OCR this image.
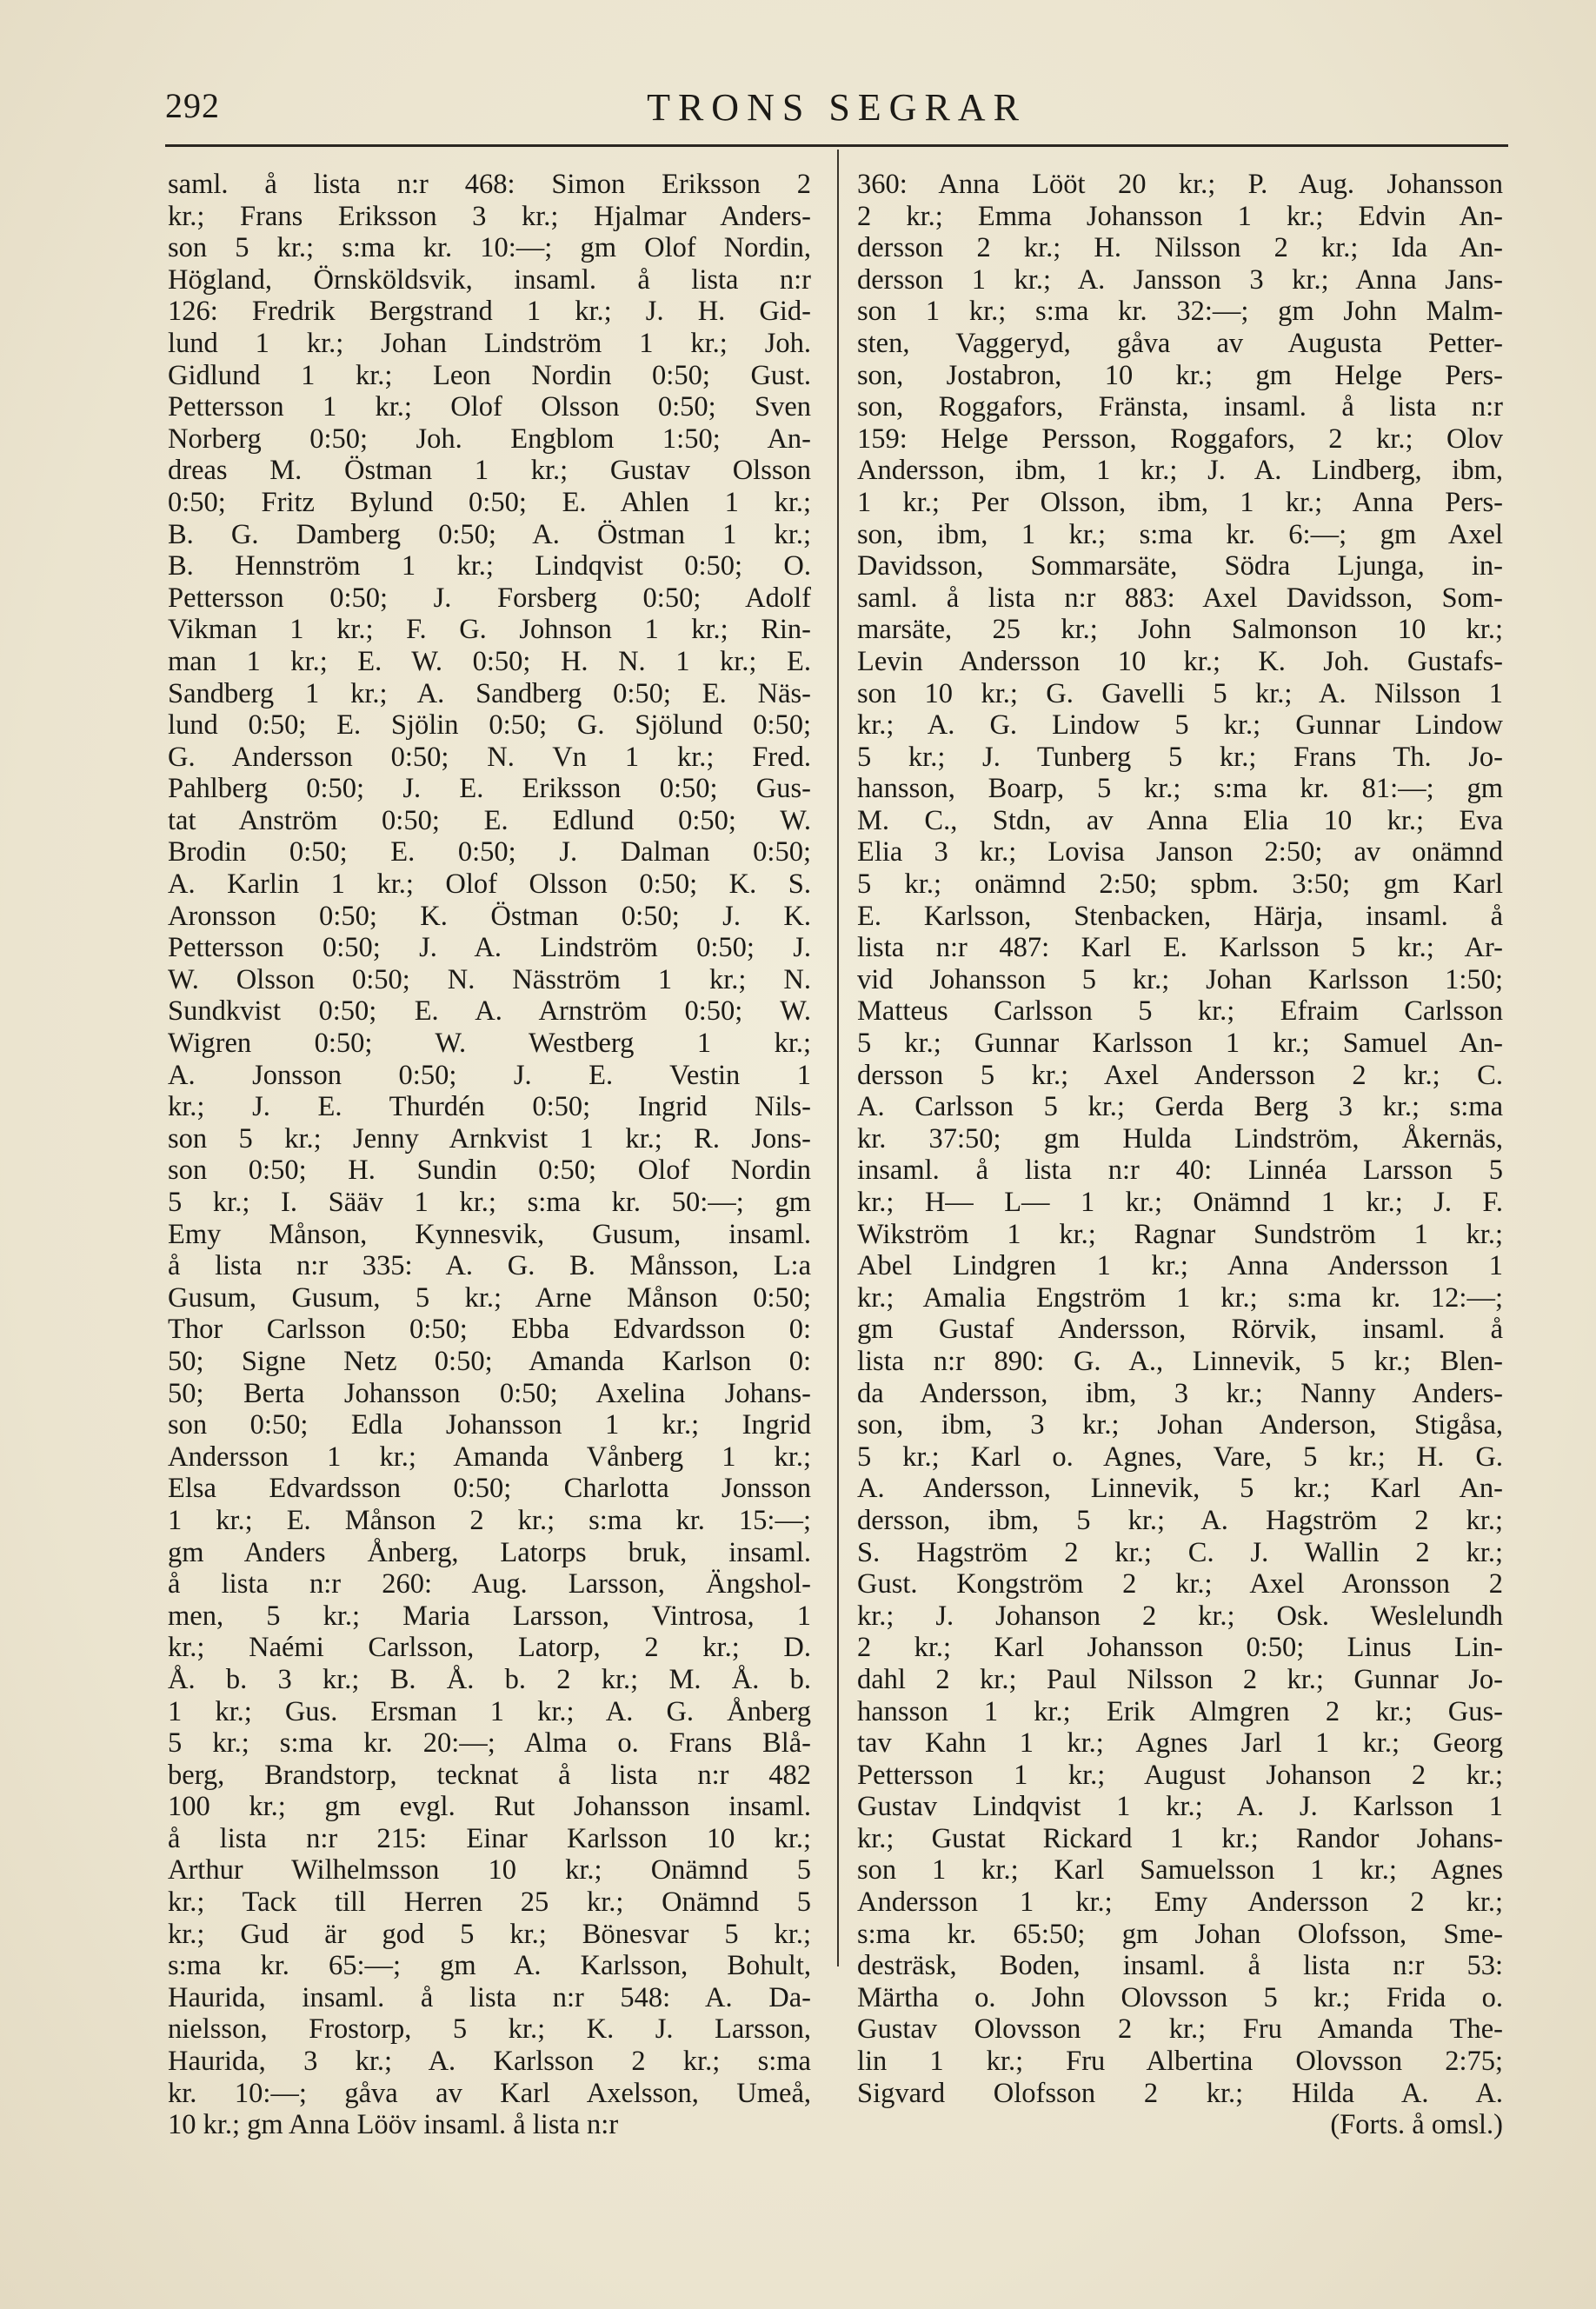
292	TRONS SEGRAR
saml. å lista n:r 468: Simon Eriksson 2
kr.; Frans Eriksson 3 kr.; Hjalmar Anders-
son 5 kr.; s:ma kr. 10:—; gm Olof Nordin,
Högland, Örnsköldsvik, insaml. å lista n:r
126: Fredrik Bergstrand 1 kr.; J. H. Gid-
lund 1 kr.; Johan Lindström 1 kr.; Joh.
Gidlund 1 kr.; Leon Nordin 0:50; Gust.
Pettersson 1 kr.; Olof Olsson 0:50; Sven
Norberg 0:50; Joh. Engblom 1:50; An-
dreas M. Östman 1 kr.; Gustav Olsson
0:50; Fritz Bylund 0:50; E. Ahlen 1 kr.;
B. G. Damberg 0:50; A. Östman 1 kr.;
B. Hennström 1 kr.; Lindqvist 0:50; O.
Pettersson 0:50; J. Forsberg 0:50; Adolf
Vikman 1 kr.; F. G. Johnson 1 kr.; Rin-
man 1 kr.; E. W. 0:50; H. N. 1 kr.; E.
Sandberg 1 kr.; A. Sandberg 0:50; E. Näs-
lund 0:50; E. Sjölin 0:50; G. Sjölund 0:50;
G. Andersson 0:50; N. Vn 1 kr.; Fred.
Pahlberg 0:50; J. E. Eriksson 0:50; Gus-
tat Anström 0:50; E. Edlund 0:50; W.
Brodin 0:50; E. 0:50; J. Dalman 0:50;
A. Karlin 1 kr.; Olof Olsson 0:50; K. S.
Aronsson 0:50; K. Östman 0:50; J. K.
Pettersson 0:50; J. A. Lindström 0:50; J.
W. Olsson 0:50; N. Näsström 1 kr.; N.
Sundkvist 0:50; E. A. Arnström 0:50; W.
Wigren 0:50; W. Westberg 1 kr.;
A. Jonsson 0:50; J. E. Vestin 1
kr.; J. E. Thurdén 0:50; Ingrid Nils-
son 5 kr.; Jenny Arnkvist 1 kr.; R. Jons-
son 0:50; H. Sundin 0:50; Olof Nordin
5 kr.; I. Sääv 1 kr.; s:ma kr. 50:—; gm
Emy Månson, Kynnesvik, Gusum, insaml.
å lista n:r 335: A. G. B. Månsson, L:a
Gusum, Gusum, 5 kr.; Arne Månson 0:50;
Thor Carlsson 0:50; Ebba Edvardsson 0:
50; Signe Netz 0:50; Amanda Karlson 0:
50; Berta Johansson 0:50; Axelina Johans-
son 0:50; Edla Johansson 1 kr.; Ingrid
Andersson 1 kr.; Amanda Vånberg 1 kr.;
Elsa Edvardsson 0:50; Charlotta Jonsson
1 kr.; E. Månson 2 kr.; s:ma kr. 15:—;
gm Anders Ånberg, Latorps bruk, insaml.
å lista n:r 260: Aug. Larsson, Ängshol-
men, 5 kr.; Maria Larsson, Vintrosa, 1
kr.; Naémi Carlsson, Latorp, 2 kr.; D.
Å. b. 3 kr.; B. Å. b. 2 kr.; M. Å. b.
1 kr.; Gus. Ersman 1 kr.; A. G. Ånberg
5 kr.; s:ma kr. 20:—; Alma o. Frans Blå-
berg, Brandstorp, tecknat å lista n:r 482
100 kr.; gm evgl. Rut Johansson insaml.
å lista n:r 215: Einar Karlsson 10 kr.;
Arthur Wilhelmsson 10 kr.; Onämnd 5
kr.; Tack till Herren 25 kr.; Onämnd 5
kr.; Gud är god 5 kr.; Bönesvar 5 kr.;
s:ma kr. 65:—; gm A. Karlsson, Bohult,
Haurida, insaml. å lista n:r 548: A. Da-
nielsson, Frostorp, 5 kr.; K. J. Larsson,
Haurida, 3 kr.; A. Karlsson 2 kr.; s:ma
kr. 10:—; gåva av Karl Axelsson, Umeå,
10 kr.; gm Anna Lööv insaml. å lista n:r
360: Anna Lööt 20 kr.; P. Aug. Johansson
2 kr.; Emma Johansson 1 kr.; Edvin An-
dersson 2 kr.; H. Nilsson 2 kr.; Ida An-
dersson 1 kr.; A. Jansson 3 kr.; Anna Jans-
son 1 kr.; s:ma kr. 32:—; gm John Malm-
sten, Vaggeryd, gåva av Augusta Petter-
son, Jostabron, 10 kr.; gm Helge Pers-
son, Roggafors, Fränsta, insaml. å lista n:r
159: Helge Persson, Roggafors, 2 kr.; Olov
Andersson, ibm, 1 kr.; J. A. Lindberg, ibm,
1 kr.; Per Olsson, ibm, 1 kr.; Anna Pers-
son, ibm, 1 kr.; s:ma kr. 6:—; gm Axel
Davidsson, Sommarsäte, Södra Ljunga, in-
saml. å lista n:r 883: Axel Davidsson, Som-
marsäte, 25 kr.; John Salmonson 10 kr.;
Levin Andersson 10 kr.; K. Joh. Gustafs-
son 10 kr.; G. Gavelli 5 kr.; A. Nilsson 1
kr.; A. G. Lindow 5 kr.; Gunnar Lindow
5 kr.; J. Tunberg 5 kr.; Frans Th. Jo-
hansson, Boarp, 5 kr.; s:ma kr. 81:—; gm
M. C., Stdn, av Anna Elia 10 kr.; Eva
Elia 3 kr.; Lovisa Janson 2:50; av onämnd
5 kr.; onämnd 2:50; spbm. 3:50; gm Karl
E. Karlsson, Stenbacken, Härja, insaml. å
lista n:r 487: Karl E. Karlsson 5 kr.; Ar-
vid Johansson 5 kr.; Johan Karlsson 1:50;
Matteus Carlsson 5 kr.; Efraim Carlsson
5 kr.; Gunnar Karlsson 1 kr.; Samuel An-
dersson 5 kr.; Axel Andersson 2 kr.; C.
A. Carlsson 5 kr.; Gerda Berg 3 kr.; s:ma
kr. 37:50; gm Hulda Lindström, Åkernäs,
insaml. å lista n:r 40: Linnéa Larsson 5
kr.; H— L— 1 kr.; Onämnd 1 kr.; J. F.
Wikström 1 kr.; Ragnar Sundström 1 kr.;
Abel Lindgren 1 kr.; Anna Andersson 1
kr.; Amalia Engström 1 kr.; s:ma kr. 12:—;
gm Gustaf Andersson, Rörvik, insaml. å
lista n:r 890: G. A., Linnevik, 5 kr.; Blen-
da Andersson, ibm, 3 kr.; Nanny Anders-
son, ibm, 3 kr.; Johan Anderson, Stigåsa,
5 kr.; Karl o. Agnes, Vare, 5 kr.; H. G.
A. Andersson, Linnevik, 5 kr.; Karl An-
dersson, ibm, 5 kr.; A. Hagström 2 kr.;
S. Hagström 2 kr.; C. J. Wallin 2 kr.;
Gust. Kongström 2 kr.; Axel Aronsson 2
kr.; J. Johanson 2 kr.; Osk. Weslelundh
2 kr.; Karl Johansson 0:50; Linus Lin-
dahl 2 kr.; Paul Nilsson 2 kr.; Gunnar Jo-
hansson 1 kr.; Erik Almgren 2 kr.; Gus-
tav Kahn 1 kr.; Agnes Jarl 1 kr.; Georg
Pettersson 1 kr.; August Johanson 2 kr.;
Gustav Lindqvist 1 kr.; A. J. Karlsson 1
kr.; Gustat Rickard 1 kr.; Randor Johans-
son 1 kr.; Karl Samuelsson 1 kr.; Agnes
Andersson 1 kr.; Emy Andersson 2 kr.;
s:ma kr. 65:50; gm Johan Olofsson, Sme-
desträsk, Boden, insaml. å lista n:r 53:
Märtha o. John Olovsson 5 kr.; Frida o.
Gustav Olovsson 2 kr.; Fru Amanda The-
lin 1 kr.; Fru Albertina Olovsson 2:75;
Sigvard Olofsson 2 kr.; Hilda A. A.
(Forts. å omsl.)
